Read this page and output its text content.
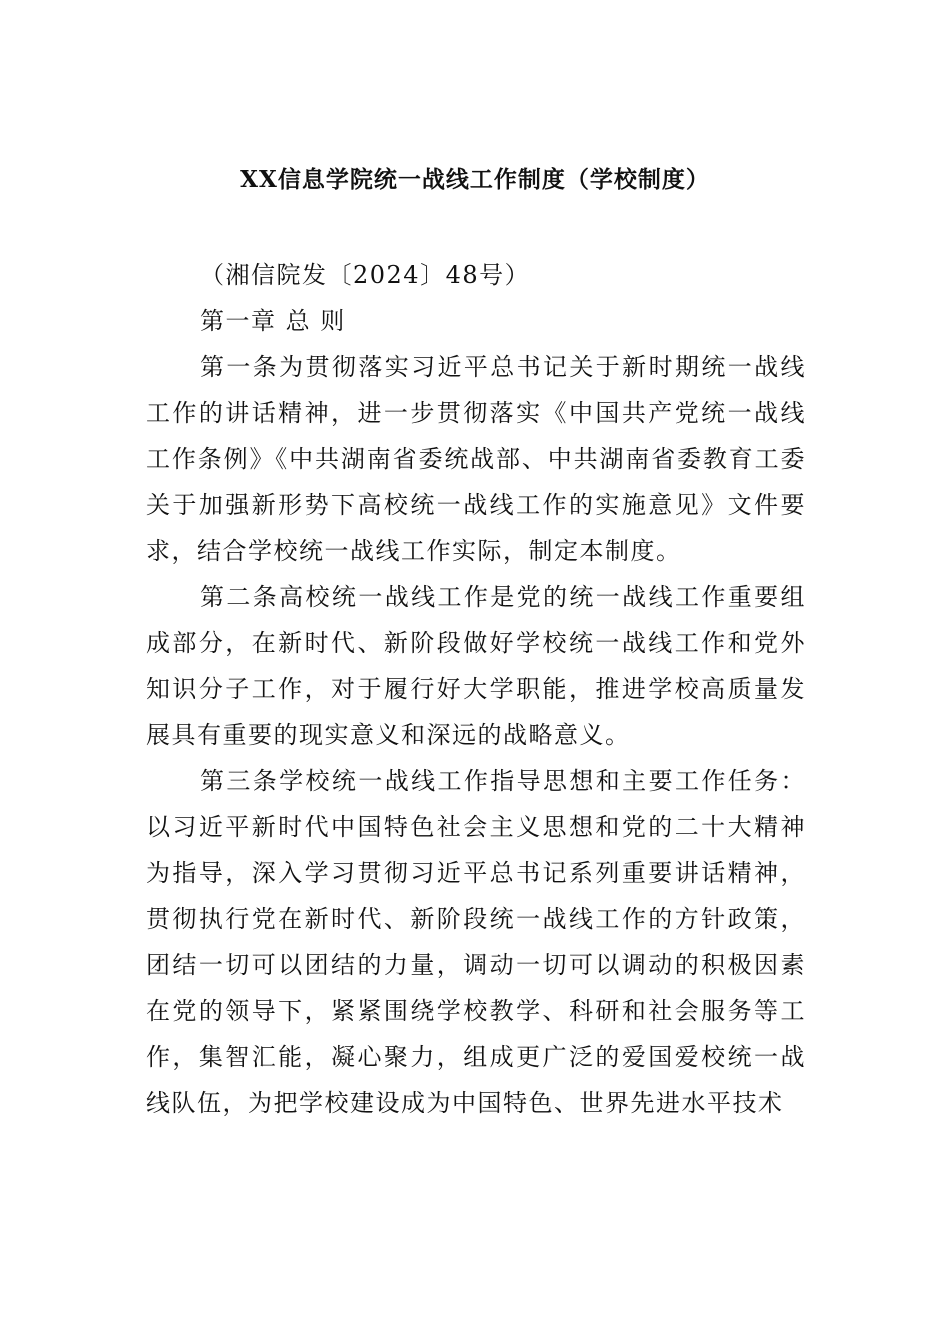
XX信息学院统一战线工作制度（学校制度）

（湘信院发〔2024〕48号）

第一章 总 则

第一条为贯彻落实习近平总书记关于新时期统一战线工作的讲话精神，进一步贯彻落实《中国共产党统一战线工作条例》《中共湖南省委统战部、中共湖南省委教育工委关于加强新形势下高校统一战线工作的实施意见》文件要求，结合学校统一战线工作实际，制定本制度。

第二条高校统一战线工作是党的统一战线工作重要组成部分，在新时代、新阶段做好学校统一战线工作和党外知识分子工作，对于履行好大学职能，推进学校高质量发展具有重要的现实意义和深远的战略意义。

第三条学校统一战线工作指导思想和主要工作任务：以习近平新时代中国特色社会主义思想和党的二十大精神为指导，深入学习贯彻习近平总书记系列重要讲话精神，贯彻执行党在新时代、新阶段统一战线工作的方针政策，团结一切可以团结的力量，调动一切可以调动的积极因素在党的领导下，紧紧围绕学校教学、科研和社会服务等工作，集智汇能，凝心聚力，组成更广泛的爱国爱校统一战线队伍，为把学校建设成为中国特色、世界先进水平技术
